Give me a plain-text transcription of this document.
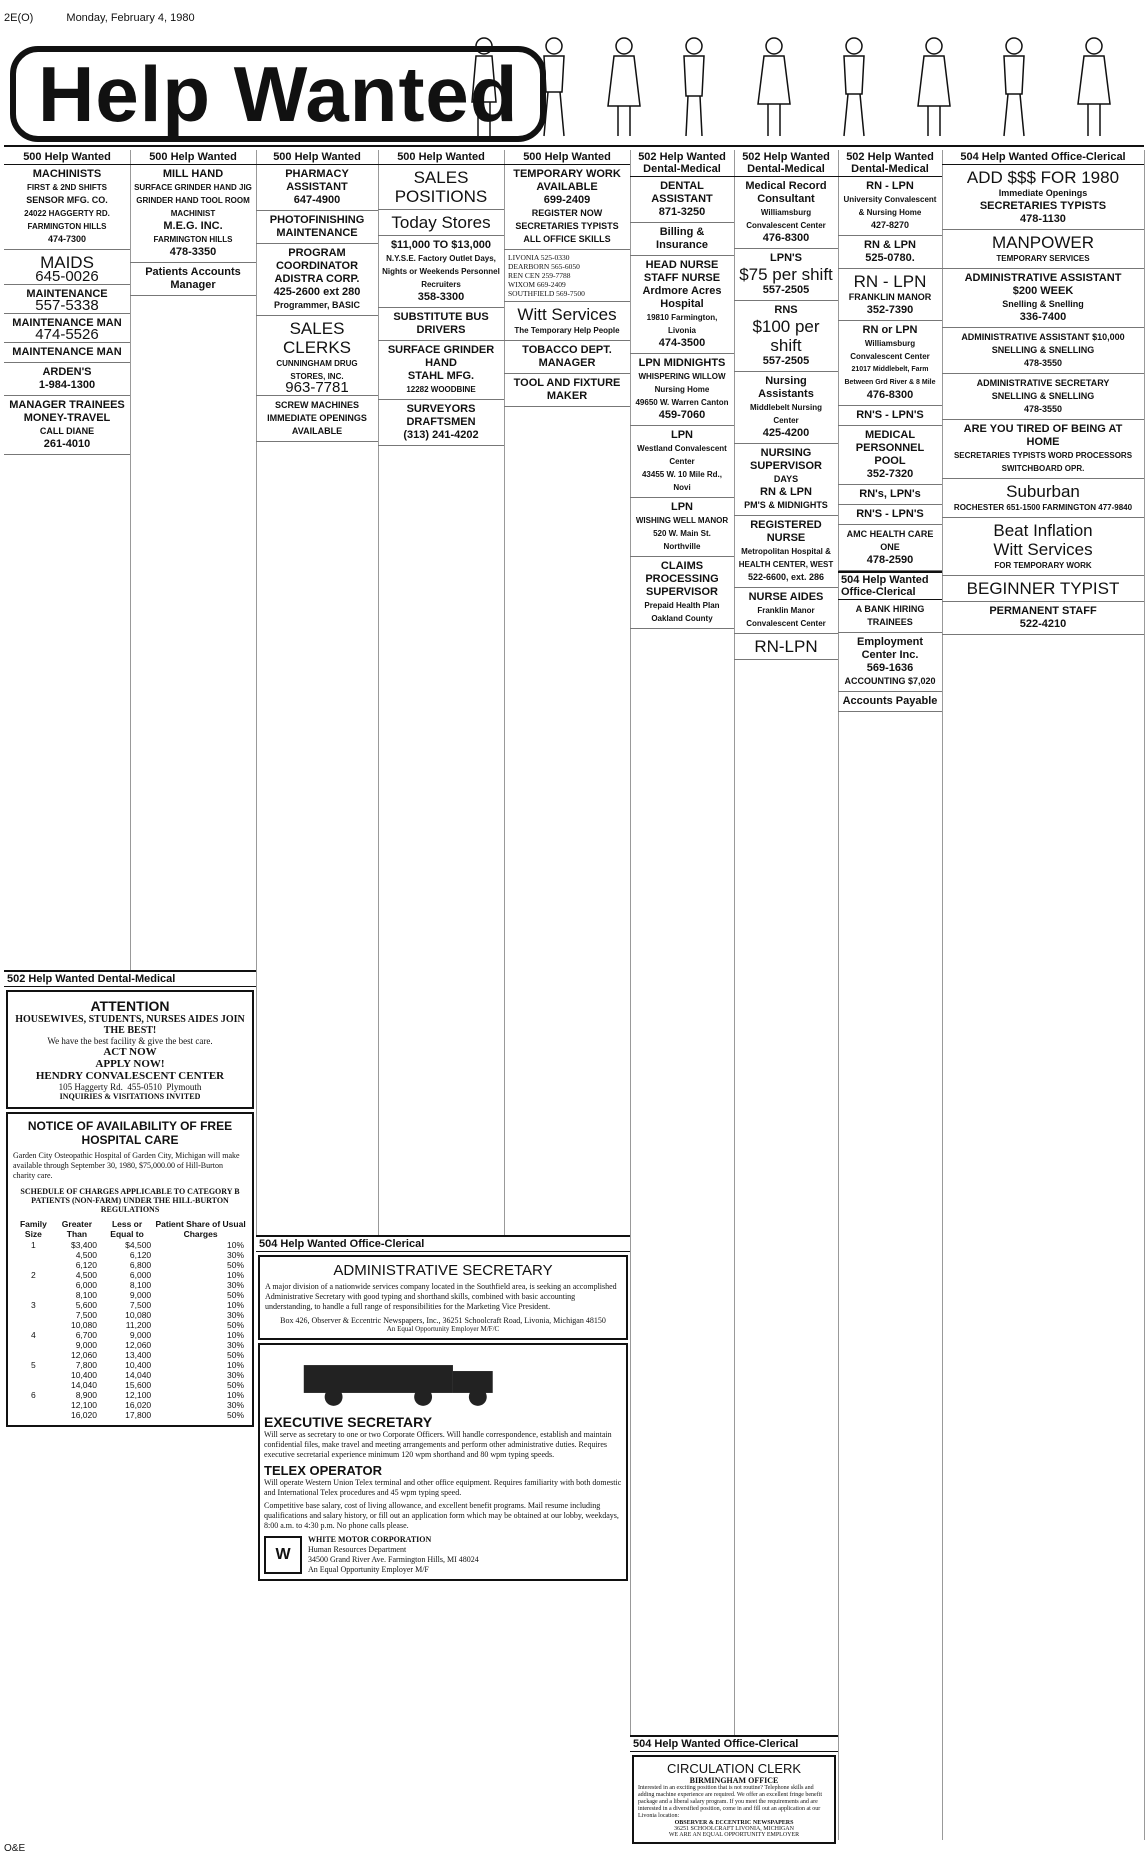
2E(O)	Monday, February 4, 1980
Help Wanted
500 Help Wanted
MACHINISTS
FIRST & 2ND SHIFTS
SENSOR MFG. CO.
24022 HAGGERTY RD. FARMINGTON HILLS
474-7300
MAIDS
645-0026
MAINTENANCE
557-5338
MAINTENANCE MAN
474-5526
MAINTENANCE MAN
ARDEN'S
1-984-1300
MANAGER TRAINEES
MONEY-TRAVEL
CALL DIANE
261-4010
500 Help Wanted
MILL HAND
SURFACE GRINDER HAND JIG GRINDER HAND TOOL ROOM MACHINIST
M.E.G. INC.
FARMINGTON HILLS
478-3350
Patients Accounts Manager
500 Help Wanted
PHARMACY ASSISTANT
647-4900
PHOTOFINISHING MAINTENANCE
PROGRAM COORDINATOR
ADISTRA CORP.
425-2600 ext 280
Programmer, BASIC
SALES CLERKS
CUNNINGHAM DRUG STORES, INC.
963-7781
SCREW MACHINES IMMEDIATE OPENINGS AVAILABLE
500 Help Wanted
SALES POSITIONS
Today Stores
$11,000 TO $13,000
N.Y.S.E. Factory Outlet Days, Nights or Weekends Personnel Recruiters
358-3300
SUBSTITUTE BUS DRIVERS
SURFACE GRINDER HAND
STAHL MFG.
12282 WOODBINE
SURVEYORS DRAFTSMEN
(313) 241-4202
500 Help Wanted
TEMPORARY WORK AVAILABLE
699-2409
REGISTER NOW
SECRETARIES TYPISTS ALL OFFICE SKILLS
LIVONIA 525-0330
DEARBORN 565-6050
REN CEN 259-7788
WIXOM 669-2409
SOUTHFIELD 569-7500
Witt Services
The Temporary Help People
TOBACCO DEPT. MANAGER
TOOL AND FIXTURE MAKER
502 Help Wanted Dental-Medical
DENTAL ASSISTANT
871-3250
Billing & Insurance
HEAD NURSE STAFF NURSE
Ardmore Acres Hospital
19810 Farmington, Livonia
474-3500
LPN MIDNIGHTS
WHISPERING WILLOW Nursing Home
49650 W. Warren Canton
459-7060
LPN
Westland Convalescent Center
43455 W. 10 Mile Rd., Novi
LPN
WISHING WELL MANOR
520 W. Main St. Northville
CLAIMS PROCESSING SUPERVISOR
Prepaid Health Plan Oakland County
502 Help Wanted Dental-Medical
Medical Record Consultant
Williamsburg Convalescent Center
476-8300
LPN'S
$75 per shift
557-2505
RNS
$100 per shift
557-2505
Nursing Assistants
Middlebelt Nursing Center
425-4200
NURSING SUPERVISOR
DAYS
RN & LPN
PM'S & MIDNIGHTS
REGISTERED NURSE
Metropolitan Hospital & HEALTH CENTER, WEST
522-6600, ext. 286
NURSE AIDES
Franklin Manor Convalescent Center
RN-LPN
502 Help Wanted Dental-Medical
RN - LPN
University Convalescent & Nursing Home
427-8270
RN & LPN
525-0780.
RN - LPN
FRANKLIN MANOR
352-7390
RN or LPN
Williamsburg Convalescent Center
21017 Middlebelt, Farm Between Grd River & 8 Mile
476-8300
RN'S - LPN'S
MEDICAL PERSONNEL POOL
352-7320
RN's, LPN's
RN'S - LPN'S
AMC HEALTH CARE ONE
478-2590
504 Help Wanted Office-Clerical
A BANK HIRING TRAINEES
Employment Center Inc.
569-1636
ACCOUNTING $7,020
Accounts Payable
504 Help Wanted Office-Clerical
ADD $$$ FOR 1980
Immediate Openings
SECRETARIES TYPISTS
478-1130
MANPOWER
TEMPORARY SERVICES
ADMINISTRATIVE ASSISTANT
$200 WEEK
Snelling & Snelling
336-7400
ADMINISTRATIVE ASSISTANT $10,000
SNELLING & SNELLING
478-3550
ADMINISTRATIVE SECRETARY
SNELLING & SNELLING
478-3550
ARE YOU TIRED OF BEING AT HOME
SECRETARIES TYPISTS WORD PROCESSORS SWITCHBOARD OPR.
Suburban
ROCHESTER 651-1500 FARMINGTON 477-9840
Beat Inflation
Witt Services
FOR TEMPORARY WORK
BEGINNER TYPIST
PERMANENT STAFF
522-4210
502 Help Wanted Dental-Medical
ATTENTION
HOUSEWIVES, STUDENTS, NURSES AIDES JOIN THE BEST!
We have the best facility & give the best care.
ACT NOW
APPLY NOW!
HENDRY CONVALESCENT CENTER
105 Haggerty Rd. 455-0510 Plymouth
INQUIRIES & VISITATIONS INVITED
NOTICE OF AVAILABILITY OF FREE HOSPITAL CARE
Garden City Osteopathic Hospital of Garden City, Michigan will make available through September 30, 1980, $75,000.00 of Hill-Burton charity care.
SCHEDULE OF CHARGES APPLICABLE TO CATEGORY B PATIENTS (NON-FARM) UNDER THE HILL-BURTON REGULATIONS
Family Size	Greater Than	Less or Equal to	Patient Share of Usual Charges
1	$3,400	$4,500	10%
	4,500	6,120	30%
	6,120	6,800	50%
2	4,500	6,000	10%
	6,000	8,100	30%
	8,100	9,000	50%
3	5,600	7,500	10%
	7,500	10,080	30%
	10,080	11,200	50%
4	6,700	9,000	10%
	9,000	12,060	30%
	12,060	13,400	50%
5	7,800	10,400	10%
	10,400	14,040	30%
	14,040	15,600	50%
6	8,900	12,100	10%
	12,100	16,020	30%
	16,020	17,800	50%
504 Help Wanted Office-Clerical
ADMINISTRATIVE SECRETARY
A major division of a nationwide services company located in the Southfield area, is seeking an accomplished Administrative Secretary with good typing and shorthand skills, combined with basic accounting understanding, to handle a full range of responsibilities for the Marketing Vice President.
Box 426, Observer & Eccentric Newspapers, Inc., 36251 Schoolcraft Road, Livonia, Michigan 48150
An Equal Opportunity Employer M/F/C
EXECUTIVE SECRETARY
Will serve as secretary to one or two Corporate Officers. Will handle correspondence, establish and maintain confidential files, make travel and meeting arrangements and perform other administrative duties. Requires executive secretarial experience minimum 120 wpm shorthand and 80 wpm typing speeds.
TELEX OPERATOR
Will operate Western Union Telex terminal and other office equipment. Requires familiarity with both domestic and International Telex procedures and 45 wpm typing speed.
Competitive base salary, cost of living allowance, and excellent benefit programs. Mail resume including qualifications and salary history, or fill out an application form which may be obtained at our lobby, weekdays, 8:00 a.m. to 4:30 p.m. No phone calls please.
W
WHITE MOTOR CORPORATION
Human Resources Department
34500 Grand River Ave. Farmington Hills, MI 48024
An Equal Opportunity Employer M/F
504 Help Wanted Office-Clerical
CIRCULATION CLERK
BIRMINGHAM OFFICE
Interested in an exciting position that is not routine? Telephone skills and adding machine experience are required. We offer an excellent fringe benefit package and a liberal salary program. If you meet the requirements and are interested in a diversified position, come in and fill out an application at our Livonia location:
OBSERVER & ECCENTRIC NEWSPAPERS
36251 SCHOOLCRAFT LIVONIA, MICHIGAN
WE ARE AN EQUAL OPPORTUNITY EMPLOYER
O&E
